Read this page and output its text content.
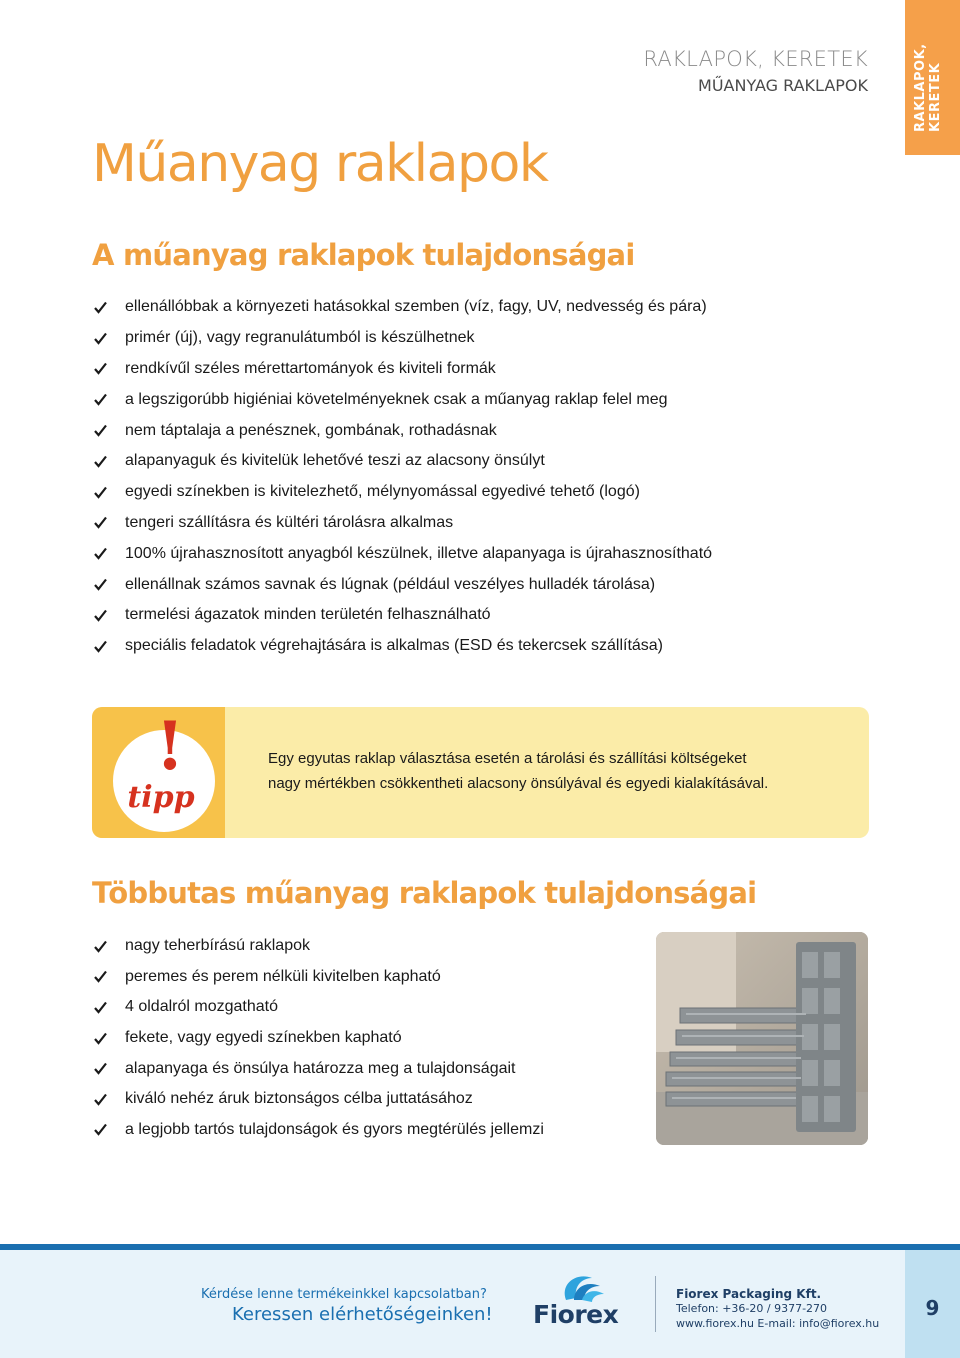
RAKLAPOK, KERETEK
RAKLAPOK, KERETEK
MŰANYAG RAKLAPOK
Műanyag raklapok
A műanyag raklapok tulajdonságai
ellenállóbbak a környezeti hatásokkal szemben (víz, fagy, UV, nedvesség és pára)
primér (új), vagy regranulátumból is készülhetnek
rendkívűl széles mérettartományok és kiviteli formák
a legszigorúbb higiéniai követelményeknek csak a műanyag raklap felel meg
nem táptalaja a penésznek, gombának, rothadásnak
alapanyaguk és kivitelük lehetővé teszi az alacsony önsúlyt
egyedi színekben is kivitelezhető, mélynyomással egyedivé tehető (logó)
tengeri szállításra és kültéri tárolásra alkalmas
100% újrahasznosított anyagból készülnek, illetve alapanyaga is újrahasznosítható
ellenállnak számos savnak és lúgnak (például veszélyes hulladék tárolása)
termelési ágazatok minden területén felhasználható
speciális feladatok végrehajtására is alkalmas (ESD és tekercsek szállítása)
tipp
!	Egy egyutas raklap választása esetén a tárolási és szállítási költségeket
nagy mértékben csökkentheti alacsony önsúlyával és egyedi kialakításával.
Többutas műanyag raklapok tulajdonságai
nagy teherbírású raklapok
peremes és perem nélküli kivitelben kapható
4 oldalról mozgatható
fekete, vagy egyedi színekben kapható
alapanyaga és önsúlya határozza meg a tulajdonságait
kiváló nehéz áruk biztonságos célba juttatásához
a legjobb tartós tulajdonságok és gyors megtérülés jellemzi
Kérdése lenne termékeinkkel kapcsolatban?
Keressen elérhetőségeinken! Fiorex
Fiorex Packaging Kft.
Telefon: +36-20 / 9377-270
www.fiorex.hu E-mail: info@fiorex.hu
9
